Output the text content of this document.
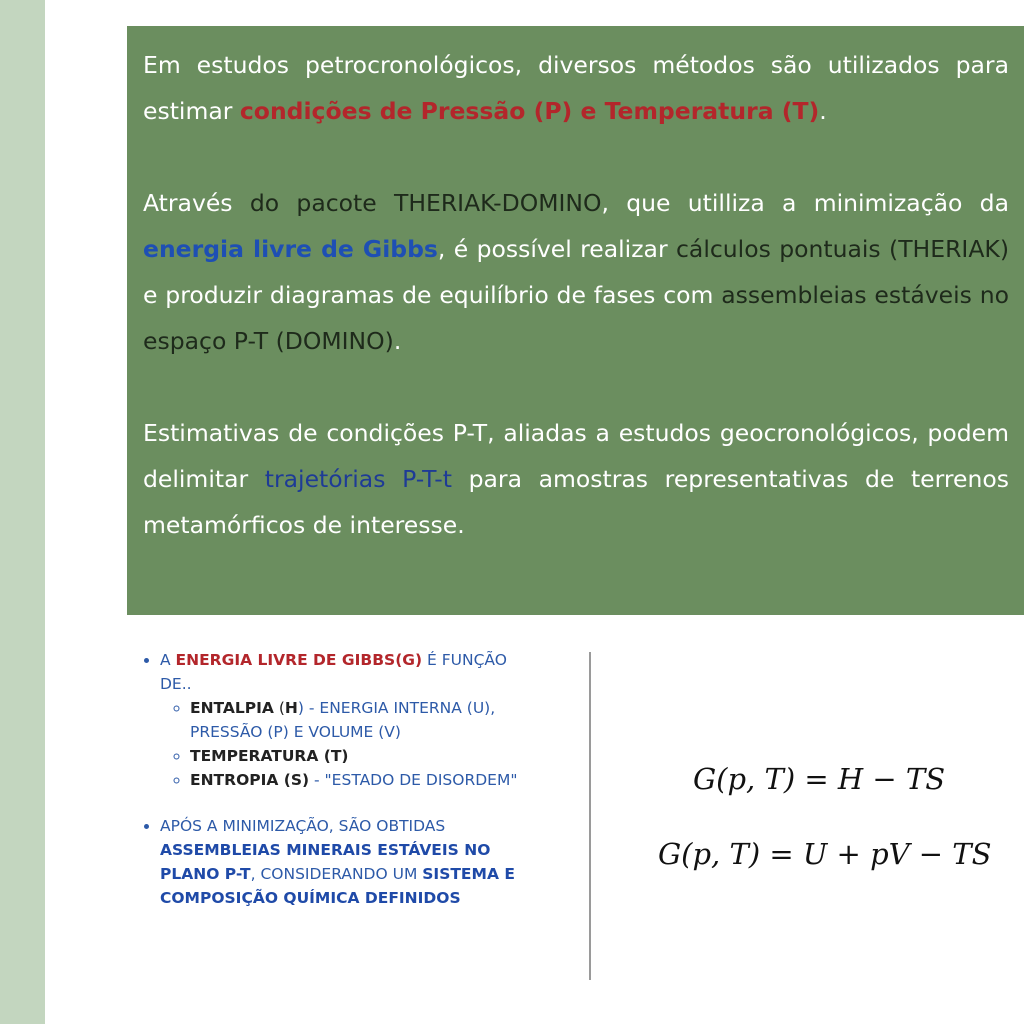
Em estudos petrocronológicos, diversos métodos são utilizados para estimar condições de Pressão (P) e Temperatura (T).

Através do pacote THERIAK-DOMINO, que utilliza a minimização da energia livre de Gibbs, é possível realizar cálculos pontuais (THERIAK) e produzir diagramas de equilíbrio de fases com assembleias estáveis no espaço P-T (DOMINO).

Estimativas de condições P-T, aliadas a estudos geocronológicos, podem delimitar trajetórias P-T-t para amostras representativas de terrenos metamórficos de interesse.

• A ENERGIA LIVRE DE GIBBS(G) É FUNÇÃO DE..
◦ ENTALPIA (H) - ENERGIA INTERNA (U), PRESSÃO (P) E VOLUME (V)
◦ TEMPERATURA (T)
◦ ENTROPIA (S) - "ESTADO DE DISORDEM"
• APÓS A MINIMIZAÇÃO, SÃO OBTIDAS ASSEMBLEIAS MINERAIS ESTÁVEIS NO PLANO P-T, CONSIDERANDO UM SISTEMA E COMPOSIÇÃO QUÍMICA DEFINIDOS
G(p, T) = H − TS
G(p, T) = U + pV − TS
